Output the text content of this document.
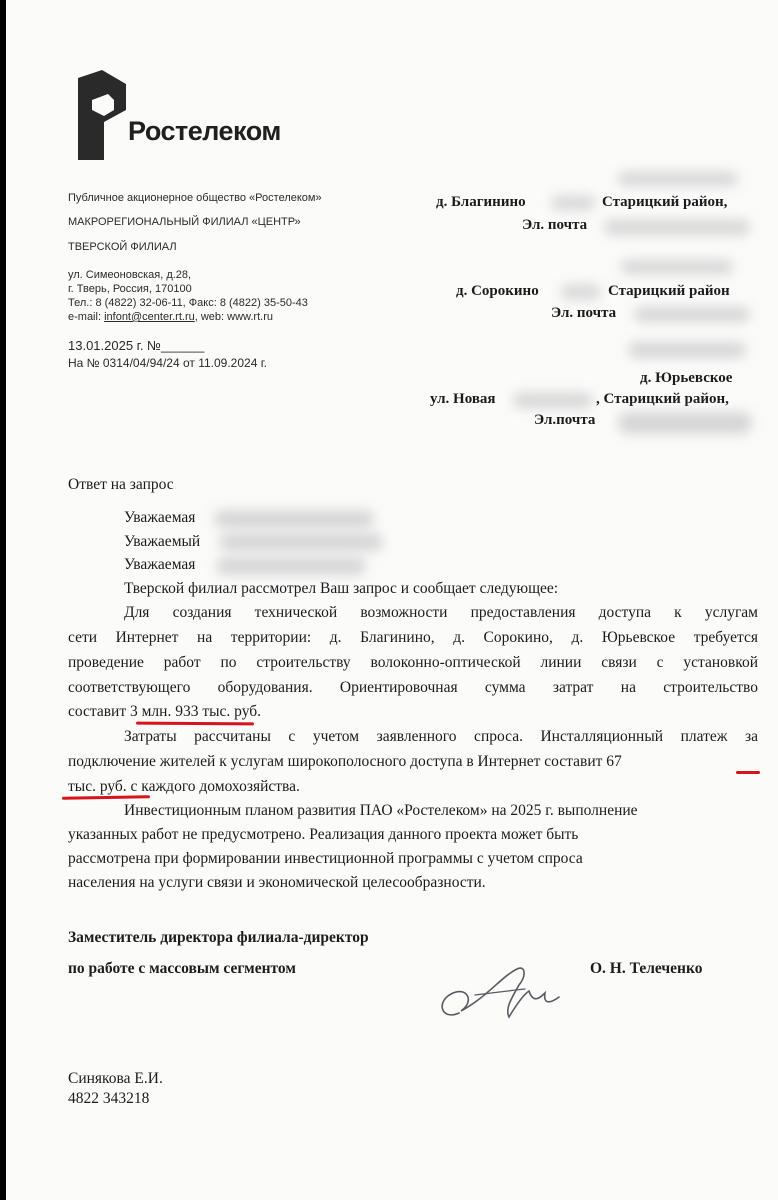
Ростелеком
Публичное акционерное общество «Ростелеком»
МАКРОРЕГИОНАЛЬНЫЙ ФИЛИАЛ «ЦЕНТР»
ТВЕРСКОЙ ФИЛИАЛ
ул. Симеоновская, д.28,
г. Тверь, Россия, 170100
Тел.: 8 (4822) 32-06-11, Факс: 8 (4822) 35-50-43
e-mail: infont@center.rt.ru, web: www.rt.ru
13.01.2025 г. №______
На № 0314/04/94/24 от 11.09.2024 г.
д. Благинино	Старицкий район,
Эл. почта
д. Сорокино	Старицкий район
Эл. почта
д. Юрьевское
ул. Новая	, Старицкий район,
Эл.почта
Ответ на запрос
Уважаемая
Уважаемый
Уважаемая
Тверской филиал рассмотрел Ваш запрос и сообщает следующее:
Для создания технической возможности предоставления доступа к услугам
сети Интернет на территории: д. Благинино, д. Сорокино, д. Юрьевское требуется
проведение работ по строительству волоконно-оптической линии связи с установкой
соответствующего оборудования. Ориентировочная сумма затрат на строительство
составит 3 млн. 933 тыс. руб.
Затраты рассчитаны с учетом заявленного спроса. Инсталляционный платеж за
подключение жителей к услугам широкополосного доступа в Интернет составит 67
тыс. руб. с каждого домохозяйства.
Инвестиционным планом развития ПАО «Ростелеком» на 2025 г. выполнение
указанных работ не предусмотрено. Реализация данного проекта может быть
рассмотрена при формировании инвестиционной программы с учетом спроса
населения на услуги связи и экономической целесообразности.
Заместитель директора филиала-директор
по работе с массовым сегментом	О. Н. Телеченко
Синякова Е.И.
4822 343218
